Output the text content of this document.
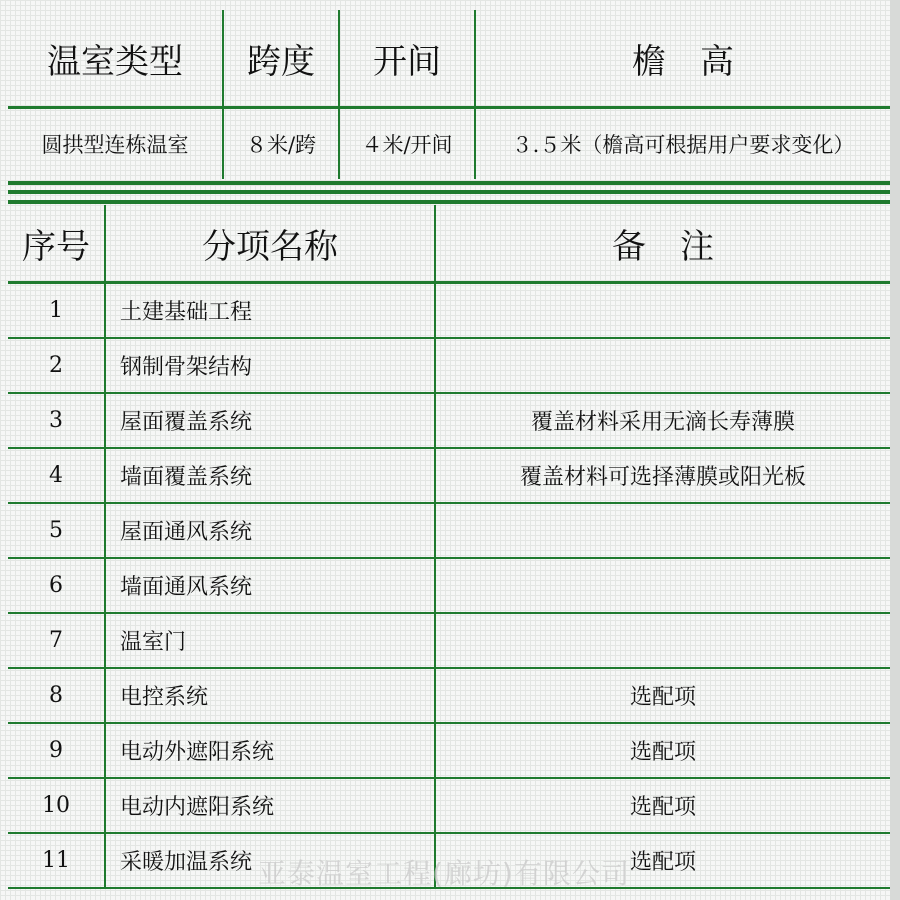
温室类型	跨度	开间	檐　高
圆拱型连栋温室	８米/跨	４米/开间	３.５米（檐高可根据用户要求变化）
序号	分项名称	备　注
1	土建基础工程	
2	钢制骨架结构	
3	屋面覆盖系统	覆盖材料采用无滴长寿薄膜
4	墙面覆盖系统	覆盖材料可选择薄膜或阳光板
5	屋面通风系统	
6	墙面通风系统	
7	温室门	
8	电控系统	选配项
9	电动外遮阳系统	选配项
10	电动内遮阳系统	选配项
11	采暖加温系统	选配项
亚泰温室工程(廊坊)有限公司
